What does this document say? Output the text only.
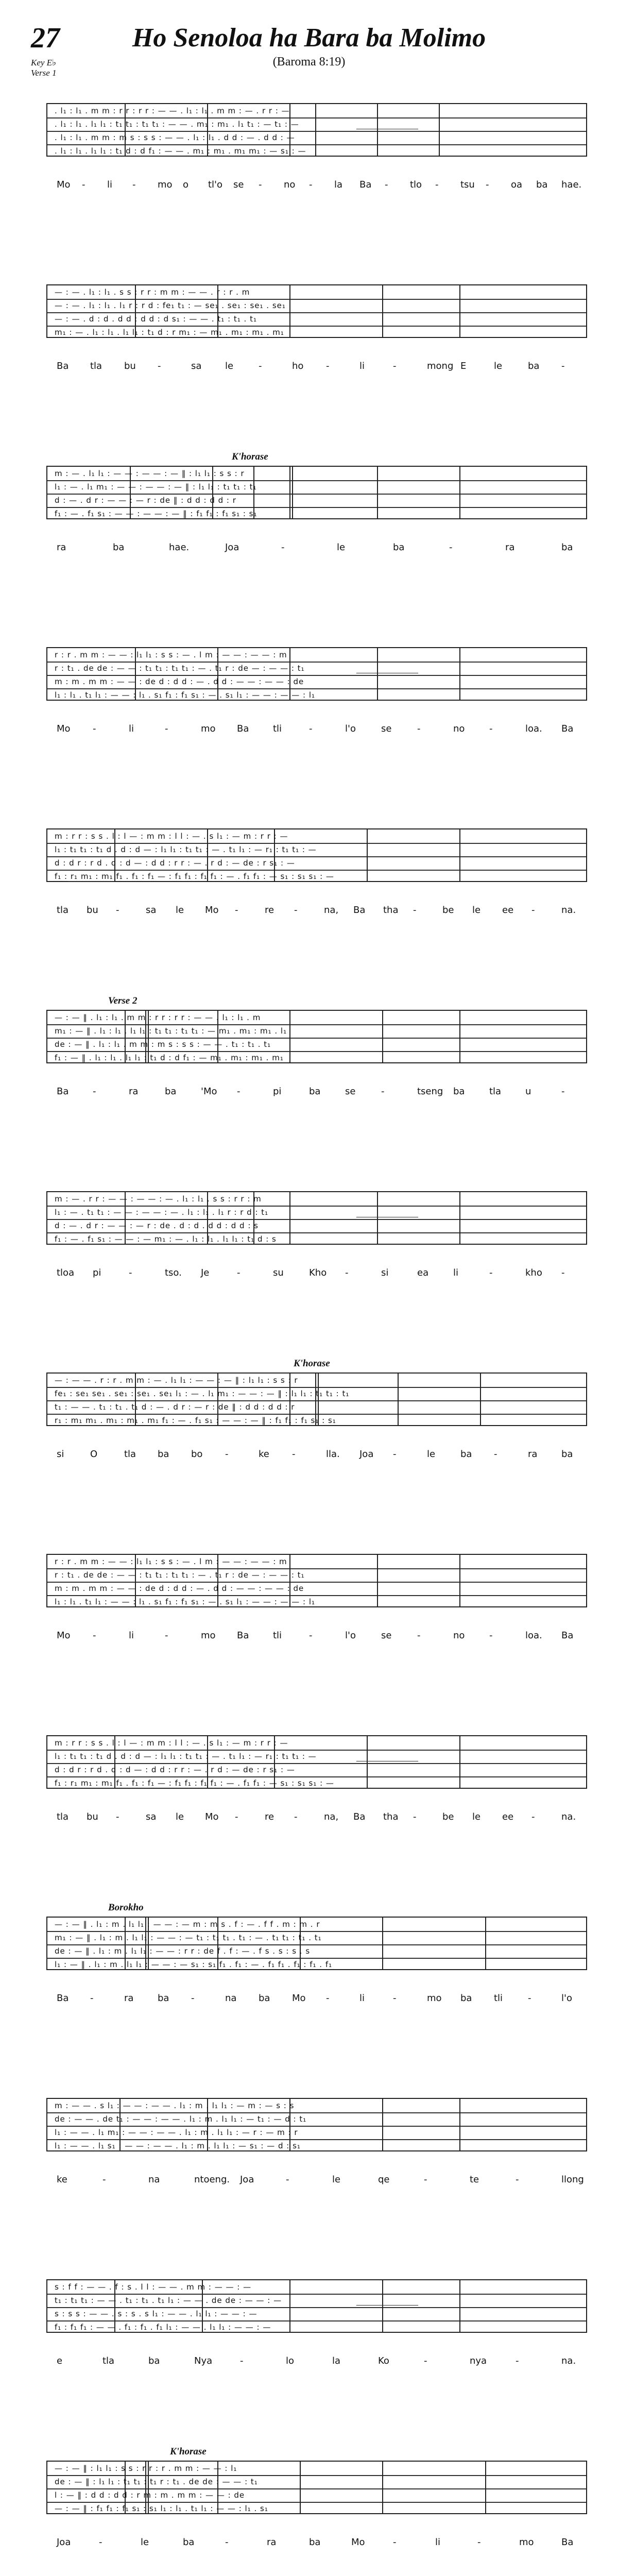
27
Key E♭
Verse 1
Ho Senoloa ha Bara ba Molimo
(Baroma 8:19)
. l₁ : l₁ . m m : r r : r r : — — . l₁ : l₁ . m m : — . r r : —
. l₁ : l₁ . l₁ l₁ : t₁ t₁ : t₁ t₁ : — — . m₁ : m₁ . l₁ t₁ : — t₁ : —
. l₁ : l₁ . m m : m s : s s : — — . l₁ : l₁ . d d : — . d d : —
. l₁ : l₁ . l₁ l₁ : t₁ d : d f₁ : — — . m₁ : m₁ . m₁ m₁ : — s₁ : —
Mo - li - mo o tl'o se - no - la Ba - tlo - tsu - oa ba hae.
— : — . l₁ : l₁ . s s : r r : m m : — — . r : r . m
— : — . l₁ : l₁ . l₁ r : r d : fe₁ t₁ : — se₁ . se₁ : se₁ . se₁
— : — . d : d . d d : d d : d s₁ : — — . t₁ : t₁ . t₁
m₁ : — . l₁ : l₁ . l₁ l₁ : t₁ d : r m₁ : — m₁ . m₁ : m₁ . m₁
Ba tla bu -	sa	le	-	ho -	li	-	mong E	le	ba -
K'horase
m : — . l₁ l₁ : — — : — — : — ‖ : l₁ l₁ : s s : r
l₁ : — . l₁ m₁ : — — : — — : — ‖ : l₁ l₁ : t₁ t₁ : t₁
d : — . d r : — — : — r : de ‖ : d d : d d : r
f₁ : — . f₁ s₁ : — — : — — : — ‖ : f₁ f₁ : f₁ s₁ : s₁
ra	ba	hae.	Joa	-	le	ba	-	ra	ba
r : r . m m : — — : l₁ l₁ : s s : — . l m : — — : — — : m
r : t₁ . de de : — — : t₁ t₁ : t₁ t₁ : — . t₁ r : de — : — — : t₁
m : m . m m : — — : de d : d d : — . d d : — — : — — : de
l₁ : l₁ . t₁ l₁ : — — : l₁ . s₁ f₁ : f₁ s₁ : — . s₁ l₁ : — — : — — : l₁
Mo -	li	-	mo Ba	tli	-	l'o	se	-	no	-	loa. Ba
m : r r : s s . l : l — : m m : l l : — . s l₁ : — m : r r : —
l₁ : t₁ t₁ : t₁ d . d : d — : l₁ l₁ : t₁ t₁ : — . t₁ l₁ : — r₁ : t₁ t₁ : —
d : d r : r d . d : d — : d d : r r : — . r d : — de : r s₁ : —
f₁ : r₁ m₁ : m₁ f₁ . f₁ : f₁ — : f₁ f₁ : f₁ f₁ : — . f₁ f₁ : — s₁ : s₁ s₁ : —
tla bu -	sa le Mo -	re -	na, Ba tha -	be le ee -	na.
Verse 2
— : — ‖ . l₁ : l₁ . m m : r r : r r : — — . l₁ : l₁ . m
m₁ : — ‖ . l₁ : l₁ . l₁ l₁ : t₁ t₁ : t₁ t₁ : — m₁ . m₁ : m₁ . l₁
de : — ‖ . l₁ : l₁ . m m : m s : s s : — — . t₁ : t₁ . t₁
f₁ : — ‖ . l₁ : l₁ . l₁ l₁ : t₁ d : d f₁ : — m₁ . m₁ : m₁ . m₁
Ba	-	ra	ba	'Mo -	pi	ba	se	-	tseng ba	tla	u	-
m : — . r r : — — : — — : — . l₁ : l₁ . s s : r r : m
l₁ : — . t₁ t₁ : — — : — — : — . l₁ : l₁ . l₁ r : r d : t₁
d : — . d r : — — : — r : de . d : d . d d : d d : s
f₁ : — . f₁ s₁ : — — : — m₁ : — . l₁ : l₁ . l₁ l₁ : t₁ d : s
tloa pi	-	tso. Je	-	su	Kho -	si	ea	li	-	kho -
K'horase
— : — — . r : r . m m : — . l₁ l₁ : — — : — ‖ : l₁ l₁ : s s : r
fe₁ : se₁ se₁ . se₁ : se₁ . se₁ l₁ : — . l₁ m₁ : — — : — ‖ : l₁ l₁ : t₁ t₁ : t₁
t₁ : — — . t₁ : t₁ . t₁ d : — . d r : — r : de ‖ : d d : d d : r
r₁ : m₁ m₁ . m₁ : m₁ . m₁ f₁ : — . f₁ s₁ : — — : — ‖ : f₁ f₁ : f₁ s₁ : s₁
si	O	tla ba bo -	ke -	lla. Joa -	le	ba -	ra	ba
r : r . m m : — — : l₁ l₁ : s s : — . l m : — — : — — : m
r : t₁ . de de : — — : t₁ t₁ : t₁ t₁ : — . t₁ r : de — : — — : t₁
m : m . m m : — — : de d : d d : — . d d : — — : — — : de
l₁ : l₁ . t₁ l₁ : — — : l₁ . s₁ f₁ : f₁ s₁ : — . s₁ l₁ : — — : — — : l₁
Mo -	li	-	mo Ba	tli	-	l'o	se	-	no	-	loa. Ba
m : r r : s s . l : l — : m m : l l : — . s l₁ : — m : r r : —
l₁ : t₁ t₁ : t₁ d . d : d — : l₁ l₁ : t₁ t₁ : — . t₁ l₁ : — r₁ : t₁ t₁ : —
d : d r : r d . d : d — : d d : r r : — . r d : — de : r s₁ : —
f₁ : r₁ m₁ : m₁ f₁ . f₁ : f₁ — : f₁ f₁ : f₁ f₁ : — . f₁ f₁ : — s₁ : s₁ s₁ : —
tla bu -	sa le Mo -	re -	na, Ba tha -	be le ee -	na.
Borokho
— : — ‖ . l₁ : m . l₁ l₁ : — — : — m : m s . f : — . f f . m : m . r
m₁ : — ‖ . l₁ : m . l₁ l₁ : — — : — t₁ : t₁ t₁ . t₁ : — . t₁ t₁ : t₁ . t₁
de : — ‖ . l₁ : m . l₁ l₁ : — — : r r : de f . f : — . f s . s : s . s
l₁ : — ‖ . l₁ : m . l₁ l₁ : — — : — s₁ : s₁ f₁ . f₁ : — . f₁ f₁ . f₁ : f₁ . f₁
Ba -	ra	ba -	na ba Mo -	li	-	mo ba tli	-	l'o
m : — — . s l₁ : — — : — — . l₁ : m . l₁ l₁ : — m : — s : s
de : — — . de t₁ : — — : — — . l₁ : m . l₁ l₁ : — t₁ : — d : t₁
l₁ : — — . l₁ m₁ : — — : — — . l₁ : m . l₁ l₁ : — r : — m : r
l₁ : — — . l₁ s₁ : — — : — — . l₁ : m . l₁ l₁ : — s₁ : — d : s₁
ke	-	na	ntoeng. Joa	-	le	qe	-	te	-	llong
s : f f : — — . f : s . l l : — — . m m : — — : —
t₁ : t₁ t₁ : — — . t₁ : t₁ . t₁ l₁ : — — . de de : — — : —
s : s s : — — . s : s . s l₁ : — — . l₁ l₁ : — — : —
f₁ : f₁ f₁ : — — . f₁ : f₁ . f₁ l₁ : — — . l₁ l₁ : — — : —
e	tla	ba	Nya	-	lo	la	Ko	-	nya	-	na.
K'horase
— : — ‖ : l₁ l₁ : s s : r r : r . m m : — — : l₁
de : — ‖ : l₁ l₁ : t₁ t₁ : t₁ r : t₁ . de de : — — : t₁
l : — ‖ : d d : d d : r m : m . m m : — — : de
— : — ‖ : f₁ f₁ : f₁ s₁ : s₁ l₁ : l₁ . t₁ l₁ : — — : l₁ . s₁
Joa	-	le	ba	-	ra	ba	Mo	-	li	-	mo	Ba
